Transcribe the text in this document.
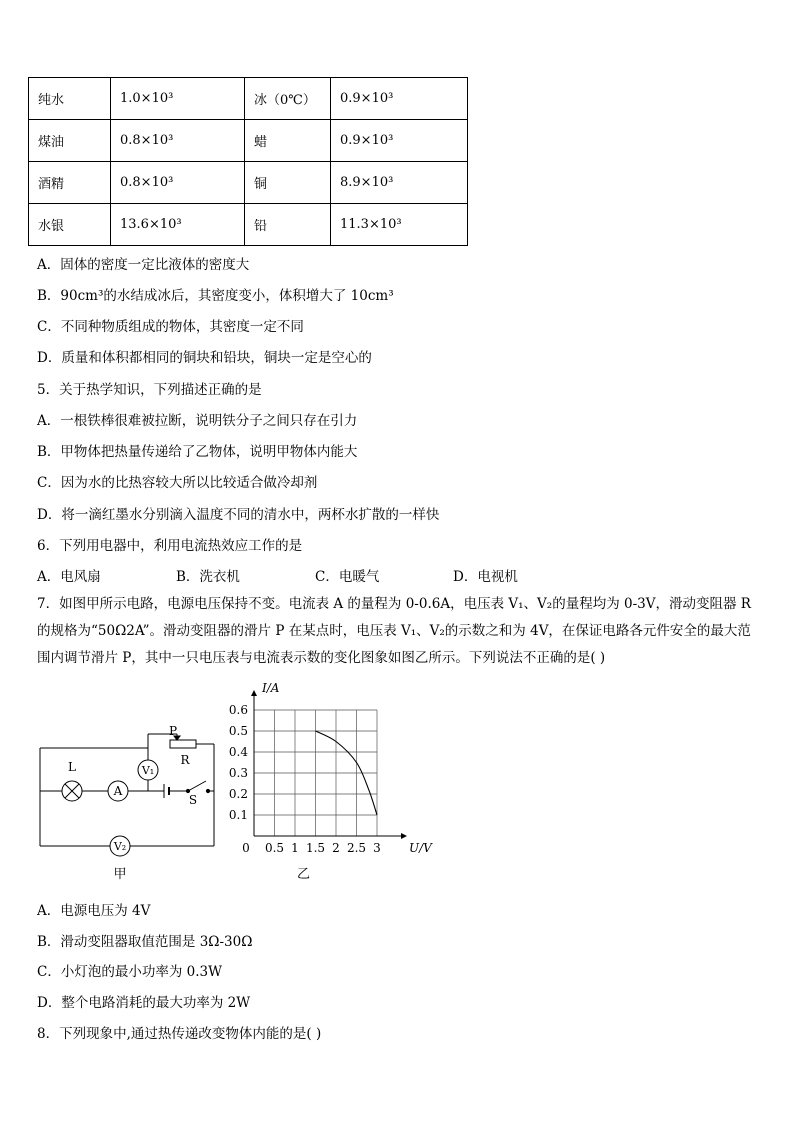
纯水	1.0×10³	冰（0℃）	0.9×10³
煤油	0.8×10³	蜡	0.9×10³
酒精	0.8×10³	铜	8.9×10³
水银	13.6×10³	铅	11.3×10³
A．固体的密度一定比液体的密度大
B．90cm³的水结成冰后，其密度变小，体积增大了 10cm³
C．不同种物质组成的物体，其密度一定不同
D．质量和体积都相同的铜块和铅块，铜块一定是空心的
5．关于热学知识，下列描述正确的是
A．一根铁棒很难被拉断，说明铁分子之间只存在引力
B．甲物体把热量传递给了乙物体，说明甲物体内能大
C．因为水的比热容较大所以比较适合做冷却剂
D．将一滴红墨水分别滴入温度不同的清水中，两杯水扩散的一样快
6．下列用电器中，利用电流热效应工作的是
A．电风扇	B．洗衣机	C．电暖气	D．电视机
7．如图甲所示电路，电源电压保持不变。电流表 A 的量程为 0-0.6A，电压表 V₁、V₂的量程均为 0-3V，滑动变阻器 R 的规格为“50Ω2A”。滑动变阻器的滑片 P 在某点时，电压表 V₁、V₂的示数之和为 4V，在保证电路各元件安全的最大范围内调节滑片 P，其中一只电压表与电流表示数的变化图象如图乙所示。下列说法不正确的是( )
L
A
V₁
V₂
P
R
S
甲
0.5 1 1.5 2 2.5 3
0.1
0.2
0.3
0.4
0.5
0.6
0	U/V
I/A
乙
A．电源电压为 4V
B．滑动变阻器取值范围是 3Ω-30Ω
C．小灯泡的最小功率为 0.3W
D．整个电路消耗的最大功率为 2W
8．下列现象中,通过热传递改变物体内能的是( )
